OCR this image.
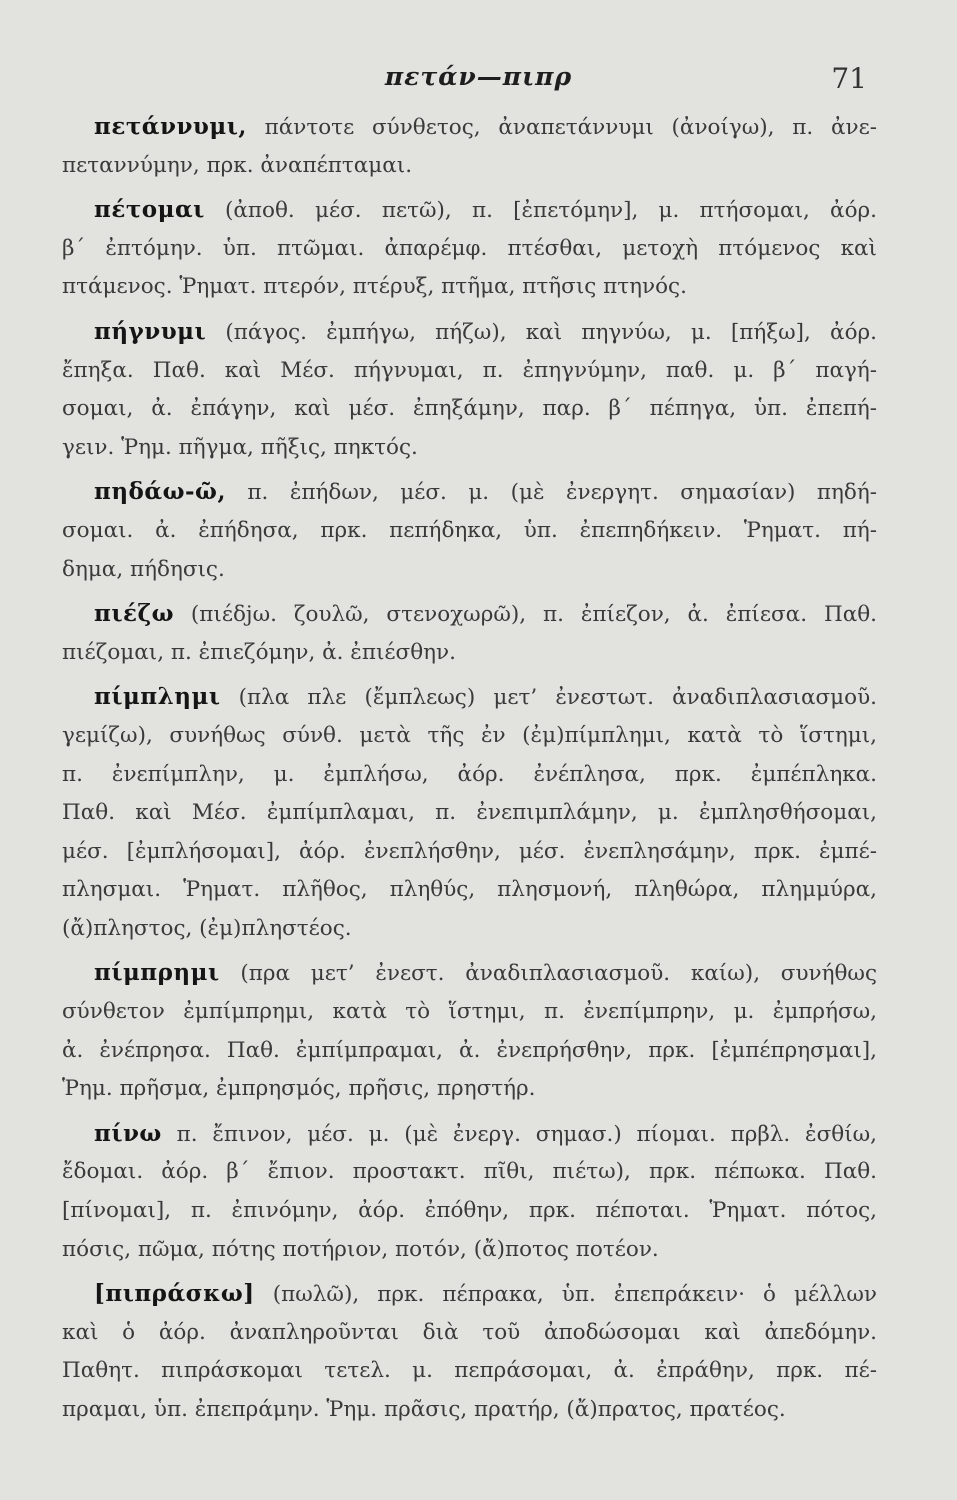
πετάν—πιπρ	71
πετάννυμι, πάντοτε σύνθετος, ἀναπετάννυμι (ἀνοίγω), π. ἀνε-
πεταννύμην, πρκ. ἀναπέπταμαι.
πέτομαι (ἀποθ. μέσ. πετῶ), π. [ἐπετόμην], μ. πτήσομαι, ἀόρ.
β΄ ἐπτόμην. ὑπ. πτῶμαι. ἀπαρέμφ. πτέσθαι, μετοχὴ πτόμενος καὶ
πτάμενος. Ῥηματ. πτερόν, πτέρυξ, πτῆμα, πτῆσις πτηνός.
πήγνυμι (πάγος. ἐμπήγω, πήζω), καὶ πηγνύω, μ. [πήξω], ἀόρ.
ἔπηξα. Παθ. καὶ Μέσ. πήγνυμαι, π. ἐπηγνύμην, παθ. μ. β΄ παγή-
σομαι, ἀ. ἐπάγην, καὶ μέσ. ἐπηξάμην, παρ. β΄ πέπηγα, ὑπ. ἐπεπή-
γειν. Ῥημ. πῆγμα, πῆξις, πηκτός.
πηδάω-ῶ, π. ἐπήδων, μέσ. μ. (μὲ ἐνεργητ. σημασίαν) πηδή-
σομαι. ἀ. ἐπήδησα, πρκ. πεπήδηκα, ὑπ. ἐπεπηδήκειν. Ῥηματ. πή-
δημα, πήδησις.
πιέζω (πιέδjω. ζουλῶ, στενοχωρῶ), π. ἐπίεζον, ἀ. ἐπίεσα. Παθ.
πιέζομαι, π. ἐπιεζόμην, ἀ. ἐπιέσθην.
πίμπλημι (πλα πλε (ἔμπλεως) μετ’ ἐνεστωτ. ἀναδιπλασιασμοῦ.
γεμίζω), συνήθως σύνθ. μετὰ τῆς ἐν (ἐμ)πίμπλημι, κατὰ τὸ ἵστημι,
π. ἐνεπίμπλην, μ. ἐμπλήσω, ἀόρ. ἐνέπλησα, πρκ. ἐμπέπληκα.
Παθ. καὶ Μέσ. ἐμπίμπλαμαι, π. ἐνεπιμπλάμην, μ. ἐμπλησθήσομαι,
μέσ. [ἐμπλήσομαι], ἀόρ. ἐνεπλήσθην, μέσ. ἐνεπλησάμην, πρκ. ἐμπέ-
πλησμαι. Ῥηματ. πλῆθος, πληθύς, πλησμονή, πληθώρα, πλημμύρα,
(ἄ)πληστος, (ἐμ)πληστέος.
πίμπρημι (πρα μετ’ ἐνεστ. ἀναδιπλασιασμοῦ. καίω), συνήθως
σύνθετον ἐμπίμπρημι, κατὰ τὸ ἵστημι, π. ἐνεπίμπρην, μ. ἐμπρήσω,
ἀ. ἐνέπρησα. Παθ. ἐμπίμπραμαι, ἀ. ἐνεπρήσθην, πρκ. [ἐμπέπρησμαι],
Ῥημ. πρῆσμα, ἐμπρησμός, πρῆσις, πρηστήρ.
πίνω π. ἔπινον, μέσ. μ. (μὲ ἐνεργ. σημασ.) πίομαι. πρβλ. ἐσθίω,
ἔδομαι. ἀόρ. β΄ ἔπιον. προστακτ. πῖθι, πιέτω), πρκ. πέπωκα. Παθ.
[πίνομαι], π. ἐπινόμην, ἀόρ. ἐπόθην, πρκ. πέποται. Ῥηματ. πότος,
πόσις, πῶμα, πότης ποτήριον, ποτόν, (ἄ)ποτος ποτέον.
[πιπράσκω] (πωλῶ), πρκ. πέπρακα, ὑπ. ἐπεπράκειν· ὁ μέλλων
καὶ ὁ ἀόρ. ἀναπληροῦνται διὰ τοῦ ἀποδώσομαι καὶ ἀπεδόμην.
Παθητ. πιπράσκομαι τετελ. μ. πεπράσομαι, ἀ. ἐπράθην, πρκ. πέ-
πραμαι, ὑπ. ἐπεπράμην. Ῥημ. πρᾶσις, πρατήρ, (ἄ)πρατος, πρατέος.
